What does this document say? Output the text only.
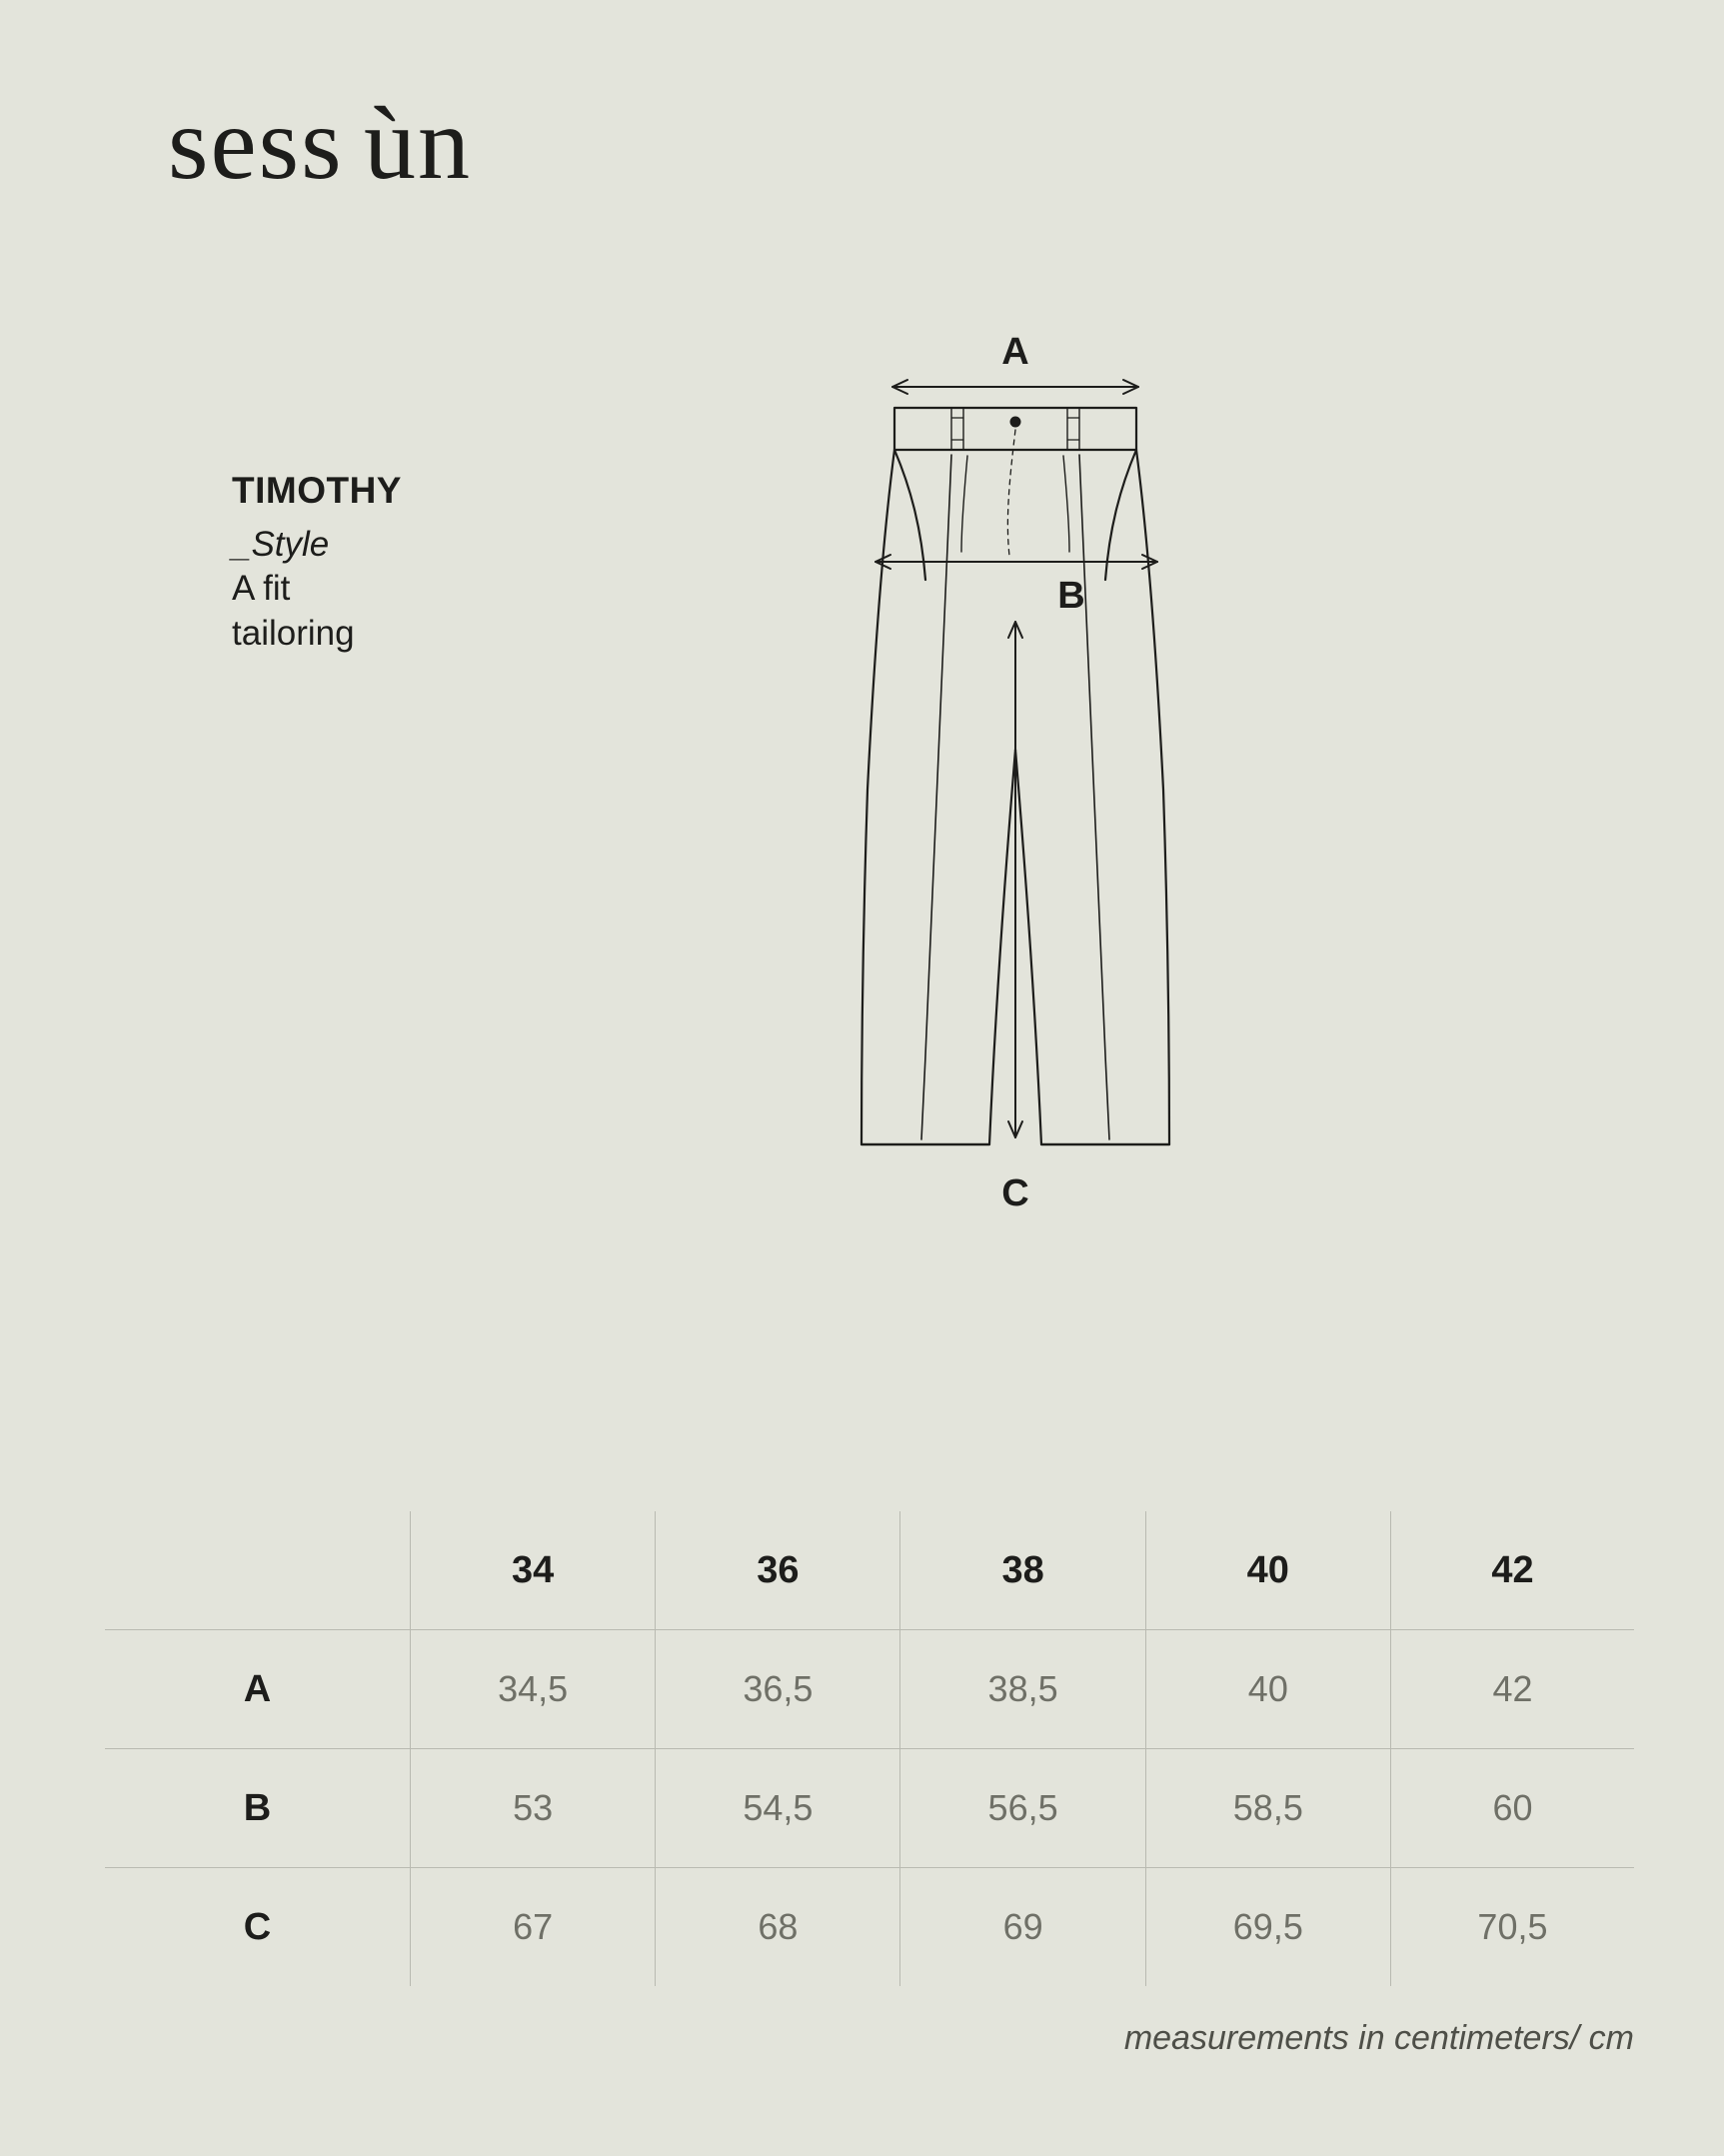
sess ùn
TIMOTHY
_Style
A fit
tailoring
A
B
C
	34	36	38	40	42
A	34,5	36,5	38,5	40	42
B	53	54,5	56,5	58,5	60
C	67	68	69	69,5	70,5
measurements in centimeters/ cm
